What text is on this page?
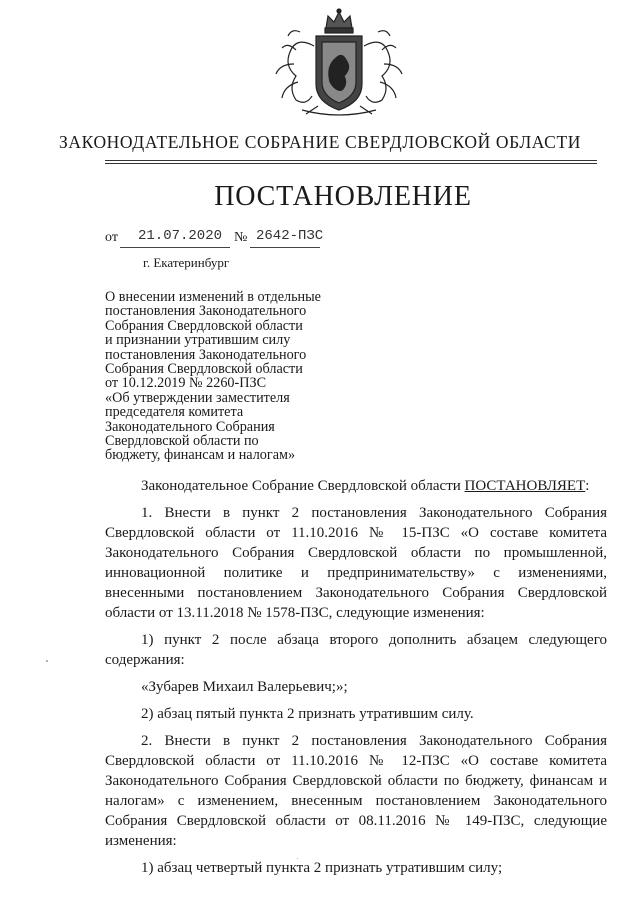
ЗАКОНОДАТЕЛЬНОЕ СОБРАНИЕ СВЕРДЛОВСКОЙ ОБЛАСТИ
ПОСТАНОВЛЕНИЕ
от 21.07.2020 № 2642-ПЗС
г. Екатеринбург
О внесении изменений в отдельные
постановления Законодательного
Собрания Свердловской области
и признании утратившим силу
постановления Законодательного
Собрания Свердловской области
от 10.12.2019 № 2260-ПЗС
«Об утверждении заместителя
председателя комитета
Законодательного Собрания
Свердловской области по
бюджету, финансам и налогам»

Законодательное Собрание Свердловской области ПОСТАНОВЛЯЕТ:

1. Внести в пункт 2 постановления Законодательного Собрания Свердловской области от 11.10.2016 № 15-ПЗС «О составе комитета Законодательного Собрания Свердловской области по промышленной, инновационной политике и предпринимательству» с изменениями, внесенными постановлением Законодательного Собрания Свердловской области от 13.11.2018 № 1578-ПЗС, следующие изменения:

1) пункт 2 после абзаца второго дополнить абзацем следующего содержания:

«Зубарев Михаил Валерьевич;»;

2) абзац пятый пункта 2 признать утратившим силу.

2. Внести в пункт 2 постановления Законодательного Собрания Свердловской области от 11.10.2016 № 12-ПЗС «О составе комитета Законодательного Собрания Свердловской области по бюджету, финансам и налогам» с изменением, внесенным постановлением Законодательного Собрания Свердловской области от 08.11.2016 № 149-ПЗС, следующие изменения:

1) абзац четвертый пункта 2 признать утратившим силу;
